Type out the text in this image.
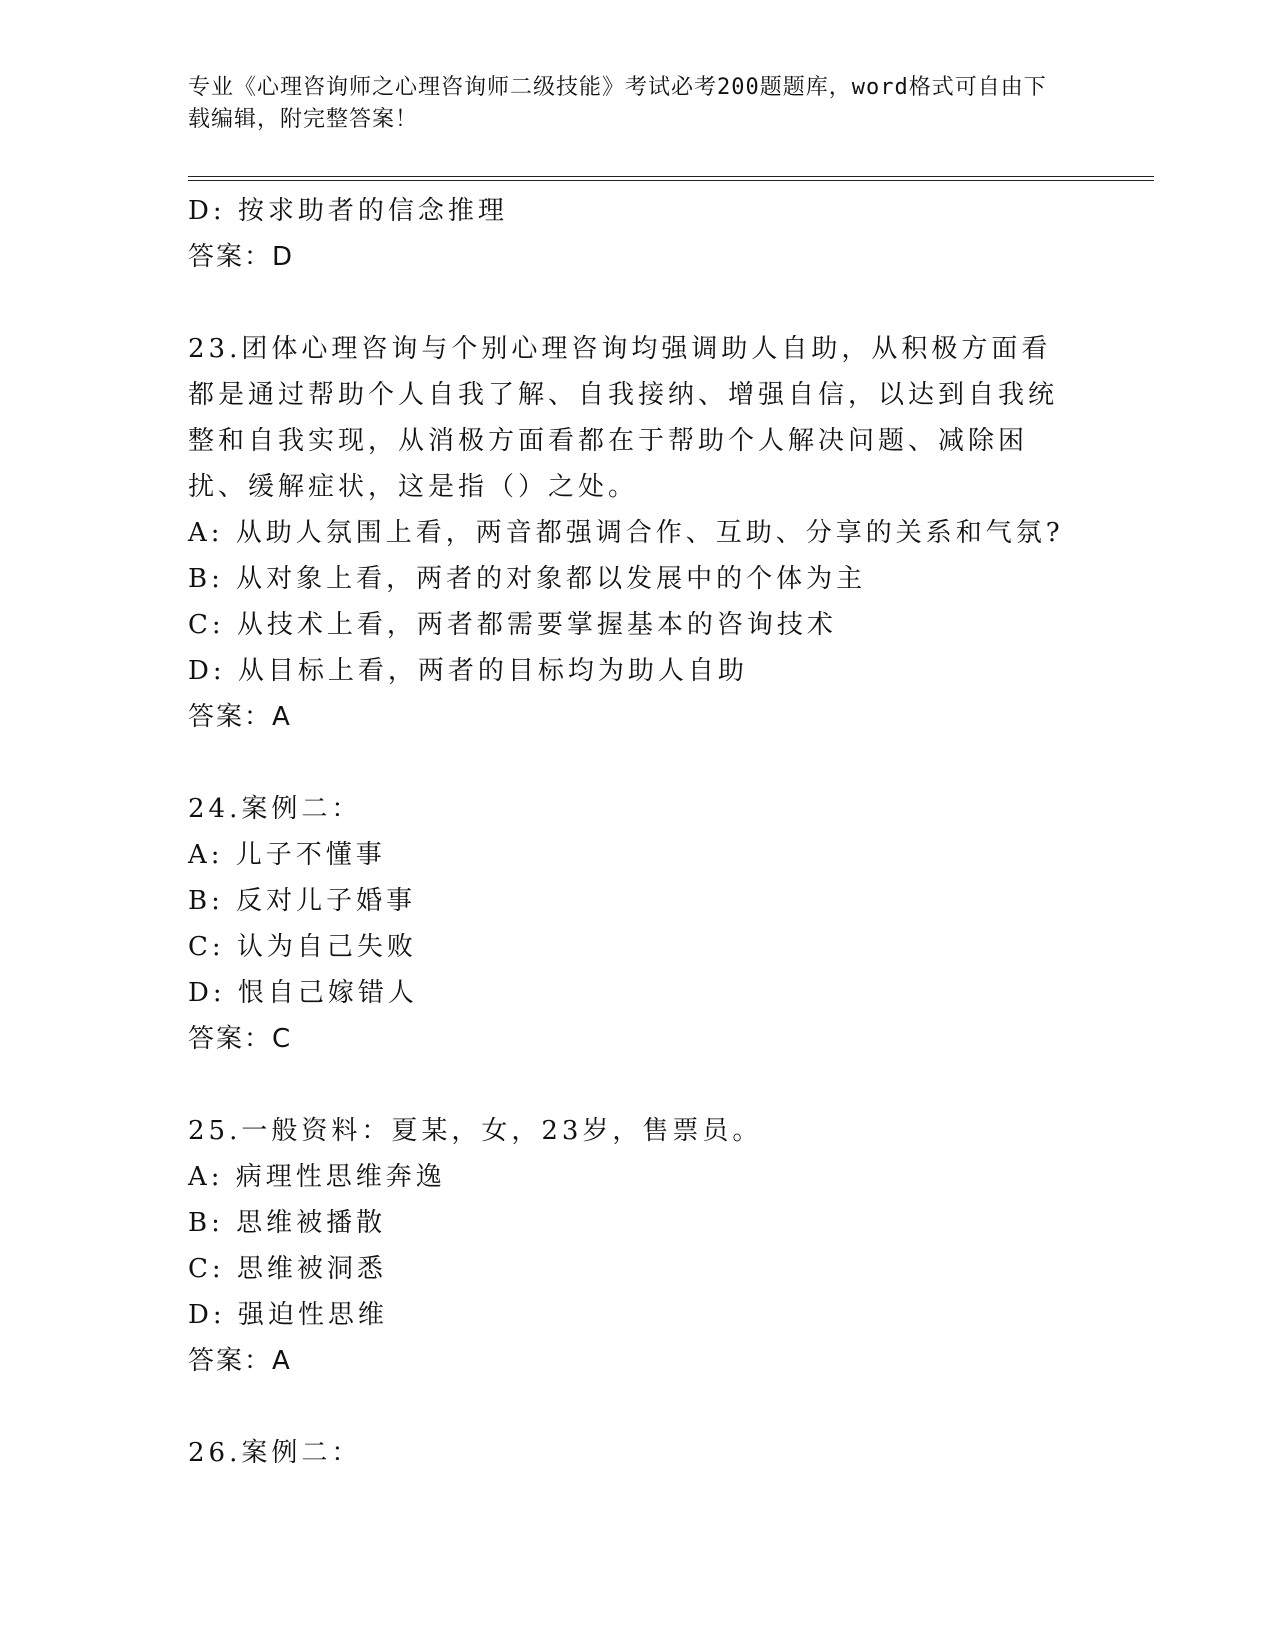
专业《心理咨询师之心理咨询师二级技能》考试必考200题题库，word格式可自由下载编辑，附完整答案！
D: 按求助者的信念推理
答案：D
23.团体心理咨询与个别心理咨询均强调助人自助，从积极方面看都是通过帮助个人自我了解、自我接纳、增强自信，以达到自我统整和自我实现，从消极方面看都在于帮助个人解决问题、减除困扰、缓解症状，这是指（）之处。
A: 从助人氛围上看，两音都强调合作、互助、分享的关系和气氛?
B: 从对象上看，两者的对象都以发展中的个体为主
C: 从技术上看，两者都需要掌握基本的咨询技术
D: 从目标上看，两者的目标均为助人自助
答案：A
24.案例二：
A: 儿子不懂事
B: 反对儿子婚事
C: 认为自己失败
D: 恨自己嫁错人
答案：C
25.一般资料：夏某，女，23岁，售票员。
A: 病理性思维奔逸
B: 思维被播散
C: 思维被洞悉
D: 强迫性思维
答案：A
26.案例二：
